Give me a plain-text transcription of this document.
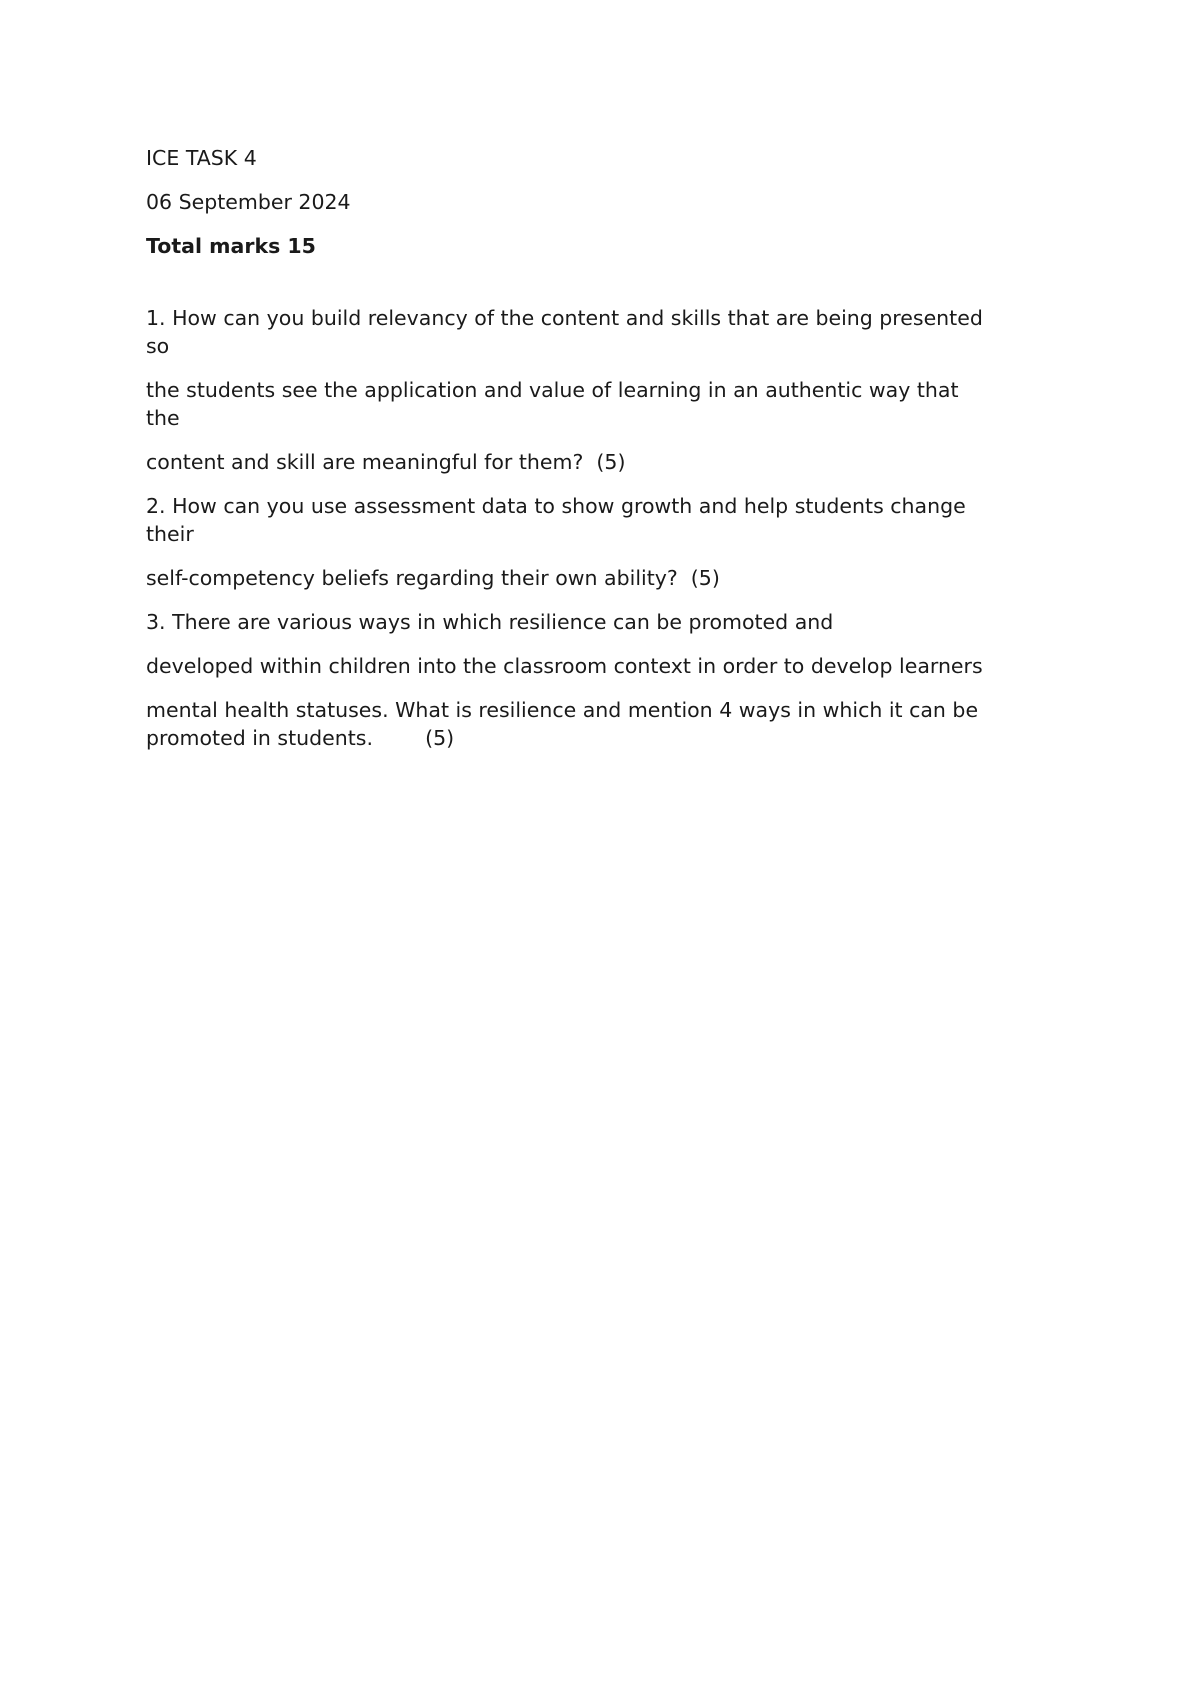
ICE TASK 4

06 September 2024

Total marks 15

1. How can you build relevancy of the content and skills that are being presented
so
the students see the application and value of learning in an authentic way that
the

content and skill are meaningful for them?  (5)

2. How can you use assessment data to show growth and help students change
their

self-competency beliefs regarding their own ability?  (5)

3. There are various ways in which resilience can be promoted and

developed within children into the classroom context in order to develop learners

mental health statuses. What is resilience and mention 4 ways in which it can be
promoted in students.        (5)
